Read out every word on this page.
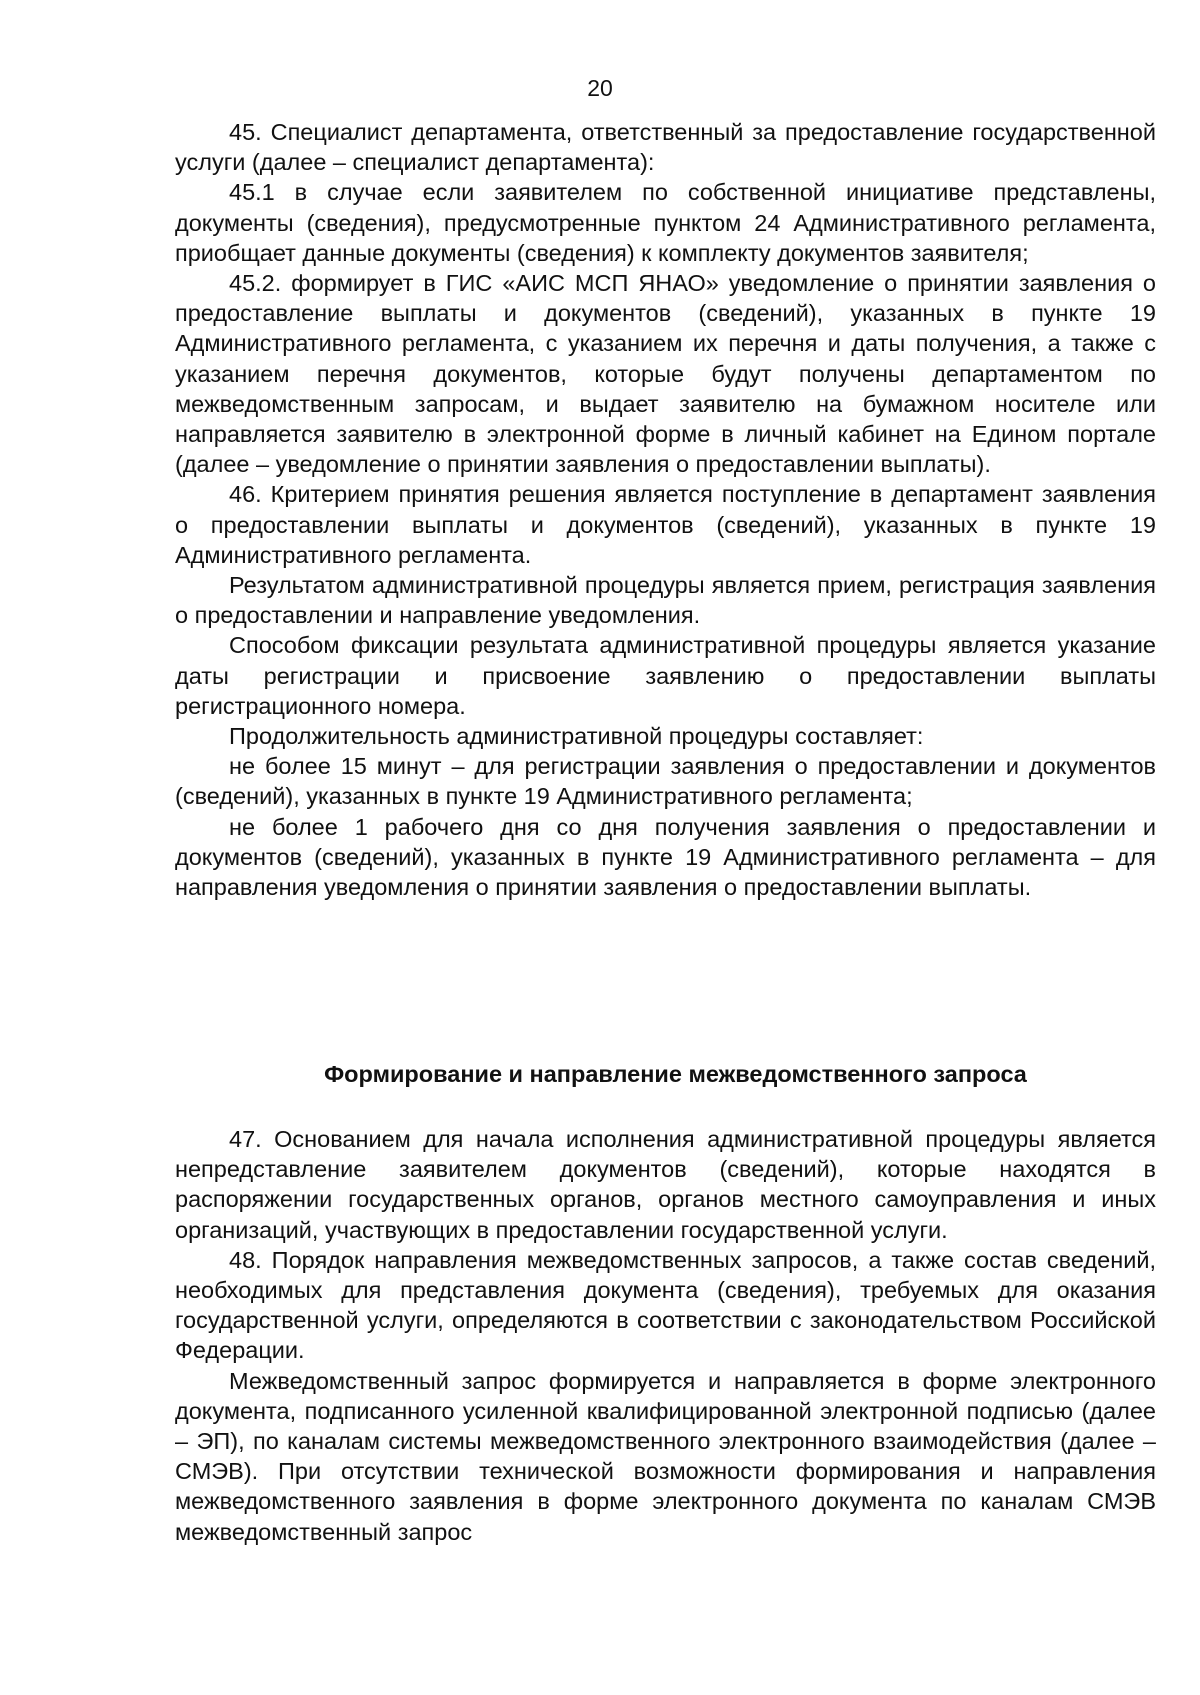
20

45. Специалист департамента, ответственный за предоставление государственной услуги (далее – специалист департамента):

45.1 в случае если заявителем по собственной инициативе представлены, документы (сведения), предусмотренные пунктом 24 Административного регламента, приобщает данные документы (сведения) к комплекту документов заявителя;

45.2. формирует в ГИС «АИС МСП ЯНАО» уведомление о принятии заявления о предоставление выплаты и документов (сведений), указанных в пункте 19 Административного регламента, с указанием их перечня и даты получения, а также с указанием перечня документов, которые будут получены департаментом по межведомственным запросам, и выдает заявителю на бумажном носителе или направляется заявителю в электронной форме в личный кабинет на Едином портале (далее – уведомление о принятии заявления о предоставлении выплаты).

46. Критерием принятия решения является поступление в департамент заявления о предоставлении выплаты и документов (сведений), указанных в пункте 19 Административного регламента.

Результатом административной процедуры является прием, регистрация заявления о предоставлении и направление уведомления.

Способом фиксации результата административной процедуры является указание даты регистрации и присвоение заявлению о предоставлении выплаты регистрационного номера.

Продолжительность административной процедуры составляет:

не более 15 минут – для регистрации заявления о предоставлении и документов (сведений), указанных в пункте 19 Административного регламента;

не более 1 рабочего дня со дня получения заявления о предоставлении и документов (сведений), указанных в пункте 19 Административного регламента – для направления уведомления о принятии заявления о предоставлении выплаты.

Формирование и направление межведомственного запроса

47. Основанием для начала исполнения административной процедуры является непредставление заявителем документов (сведений), которые находятся в распоряжении государственных органов, органов местного самоуправления и иных организаций, участвующих в предоставлении государственной услуги.

48. Порядок направления межведомственных запросов, а также состав сведений, необходимых для представления документа (сведения), требуемых для оказания государственной услуги, определяются в соответствии с законодательством Российской Федерации.

Межведомственный запрос формируется и направляется в форме электронного документа, подписанного усиленной квалифицированной электронной подписью (далее – ЭП), по каналам системы межведомственного электронного взаимодействия (далее – СМЭВ). При отсутствии технической возможности формирования и направления межведомственного заявления в форме электронного документа по каналам СМЭВ межведомственный запрос
